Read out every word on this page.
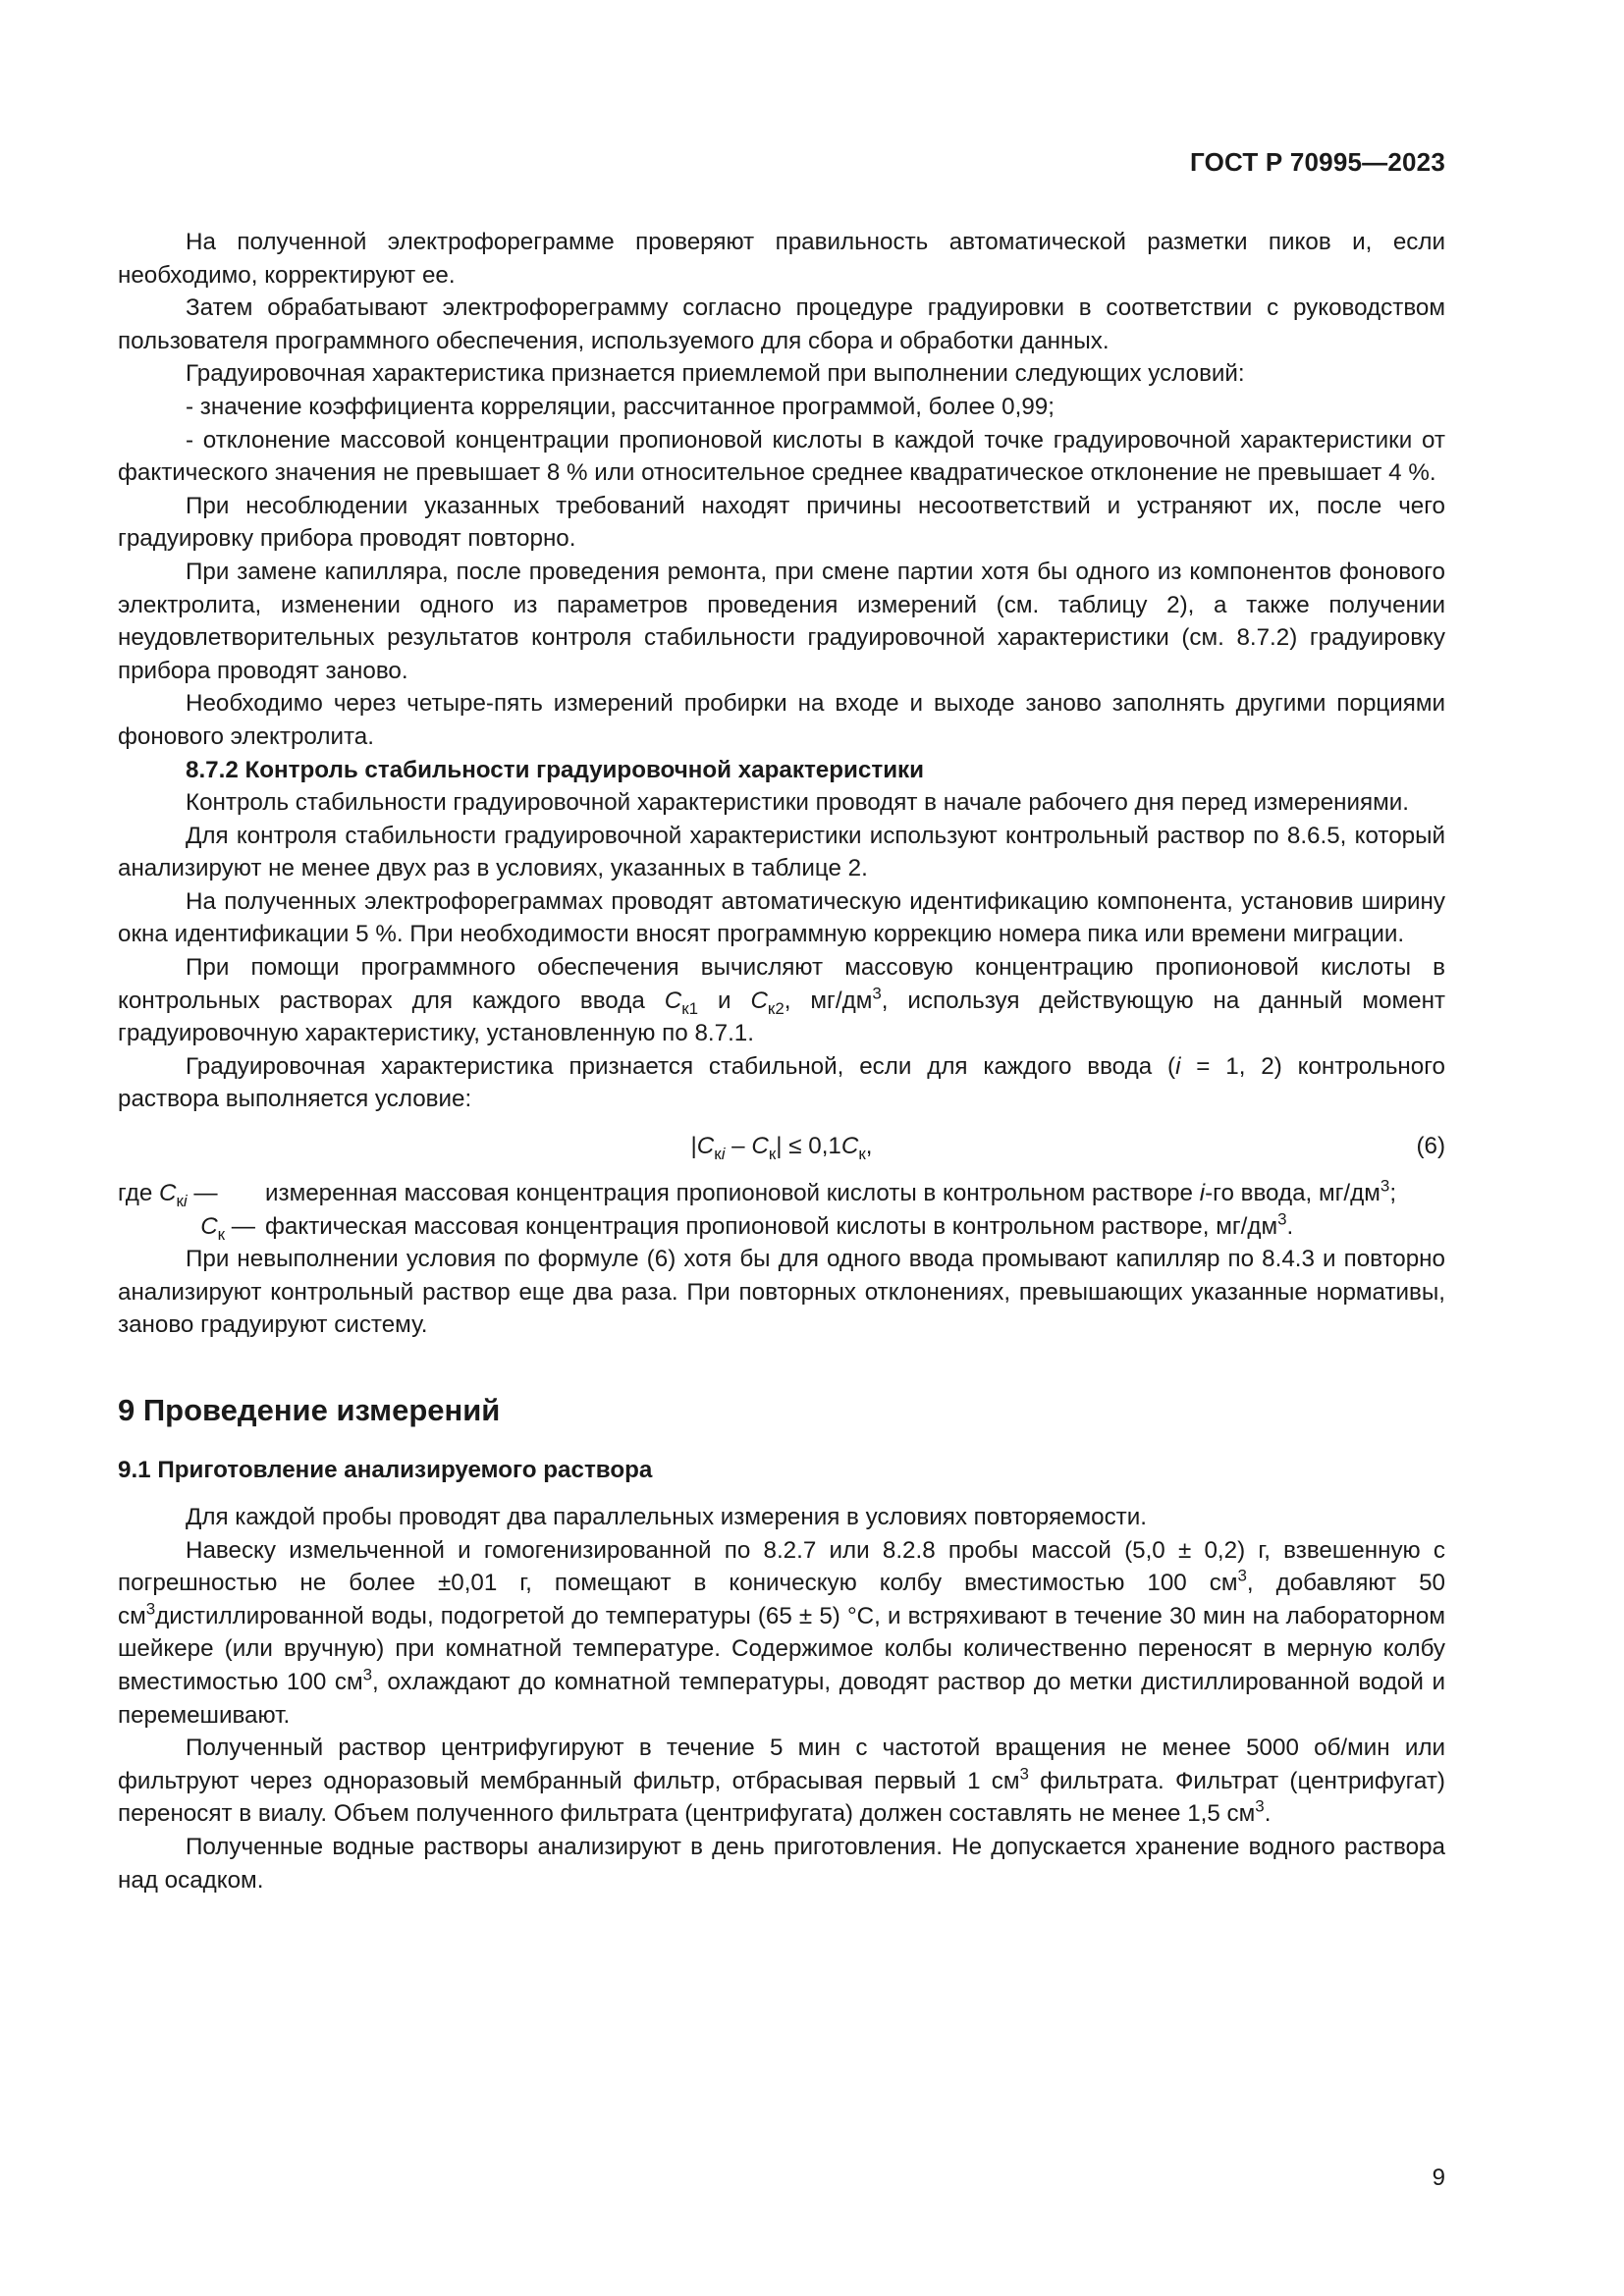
ГОСТ Р 70995—2023

На полученной электрофореграмме проверяют правильность автоматической разметки пиков и, если необходимо, корректируют ее.

Затем обрабатывают электрофореграмму согласно процедуре градуировки в соответствии с руководством пользователя программного обеспечения, используемого для сбора и обработки данных.

Градуировочная характеристика признается приемлемой при выполнении следующих условий:

- значение коэффициента корреляции, рассчитанное программой, более 0,99;

- отклонение массовой концентрации пропионовой кислоты в каждой точке градуировочной характеристики от фактического значения не превышает 8 % или относительное среднее квадратическое отклонение не превышает 4 %.

При несоблюдении указанных требований находят причины несоответствий и устраняют их, после чего градуировку прибора проводят повторно.

При замене капилляра, после проведения ремонта, при смене партии хотя бы одного из компонентов фонового электролита, изменении одного из параметров проведения измерений (см. таблицу 2), а также получении неудовлетворительных результатов контроля стабильности градуировочной характеристики (см. 8.7.2) градуировку прибора проводят заново.

Необходимо через четыре-пять измерений пробирки на входе и выходе заново заполнять другими порциями фонового электролита.

8.7.2 Контроль стабильности градуировочной характеристики

Контроль стабильности градуировочной характеристики проводят в начале рабочего дня перед измерениями.

Для контроля стабильности градуировочной характеристики используют контрольный раствор по 8.6.5, который анализируют не менее двух раз в условиях, указанных в таблице 2.

На полученных электрофореграммах проводят автоматическую идентификацию компонента, установив ширину окна идентификации 5 %. При необходимости вносят программную коррекцию номера пика или времени миграции.

При помощи программного обеспечения вычисляют массовую концентрацию пропионовой кислоты в контрольных растворах для каждого ввода $С_{к1}$ и $С_{к2}$, $мг/дм^3$, используя действующую на данный момент градуировочную характеристику, установленную по 8.7.1.

Градуировочная характеристика признается стабильной, если для каждого ввода (i = 1, 2) контрольного раствора выполняется условие:

$|С_{кi} - С_к| \le 0,1С_к$,	(6)
где $С_{кi}$ —	измеренная массовая концентрация пропионовой кислоты в контрольном растворе i-го ввода, $мг/дм^3$;
$С_к$ — фактическая массовая концентрация пропионовой кислоты в контрольном растворе, $мг/дм^3$.

При невыполнении условия по формуле (6) хотя бы для одного ввода промывают капилляр по 8.4.3 и повторно анализируют контрольный раствор еще два раза. При повторных отклонениях, превышающих указанные нормативы, заново градуируют систему.

9 Проведение измерений
9.1 Приготовление анализируемого раствора

Для каждой пробы проводят два параллельных измерения в условиях повторяемости.

Навеску измельченной и гомогенизированной по 8.2.7 или 8.2.8 пробы массой (5,0 ± 0,2) г, взвешенную с погрешностью не более ±0,01 г, помещают в коническую колбу вместимостью 100 $см^3$, добавляют 50 $см^3дистиллированной$ воды, подогретой до температуры (65 ± 5) °С, и встряхивают в течение 30 мин на лабораторном шейкере (или вручную) при комнатной температуре. Содержимое колбы количественно переносят в мерную колбу вместимостью 100 $см^3$, охлаждают до комнатной температуры, доводят раствор до метки дистиллированной водой и перемешивают.

Полученный раствор центрифугируют в течение 5 мин с частотой вращения не менее 5000 об/мин или фильтруют через одноразовый мембранный фильтр, отбрасывая первый 1 $см^3$ фильтрата. Фильтрат (центрифугат) переносят в виалу. Объем полученного фильтрата (центрифугата) должен составлять не менее 1,5 $см^3$.

Полученные водные растворы анализируют в день приготовления. Не допускается хранение водного раствора над осадком.

9
